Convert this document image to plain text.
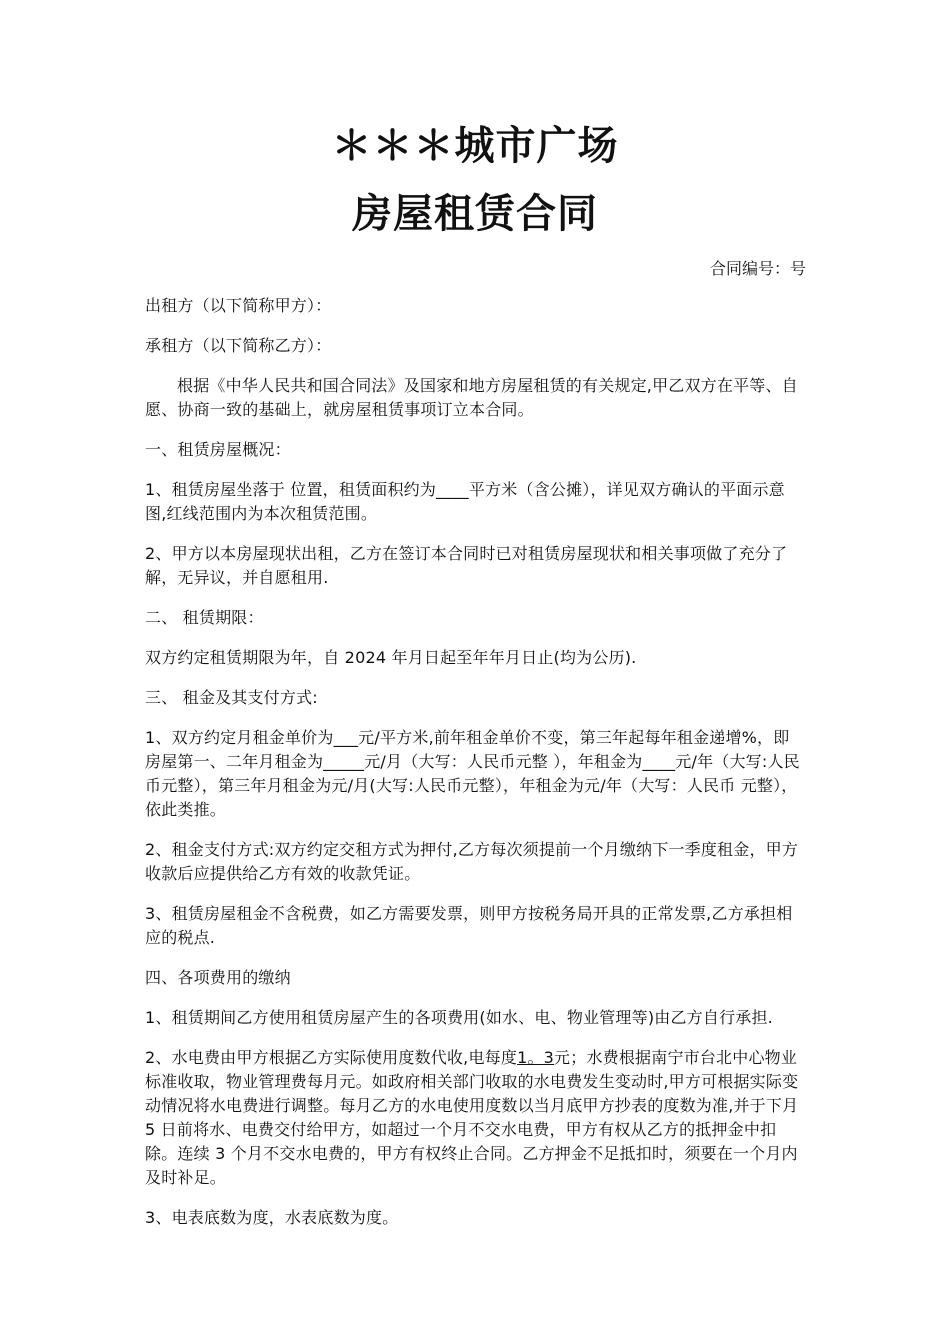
＊＊＊城市广场
房屋租赁合同
合同编号：号

出租方（以下简称甲方）：

承租方（以下简称乙方）：

根据《中华人民共和国合同法》及国家和地方房屋租赁的有关规定,甲乙双方在平等、自愿、协商一致的基础上，就房屋租赁事项订立本合同。

一、租赁房屋概况：

1、租赁房屋坐落于 位置，租赁面积约为____平方米（含公摊），详见双方确认的平面示意图,红线范围内为本次租赁范围。

2、甲方以本房屋现状出租，乙方在签订本合同时已对租赁房屋现状和相关事项做了充分了解，无异议，并自愿租用.

二、 租赁期限：

双方约定租赁期限为年，自 2024 年月日起至年年月日止(均为公历).

三、 租金及其支付方式:

1、双方约定月租金单价为___元/平方米,前年租金单价不变，第三年起每年租金递增%，即房屋第一、二年月租金为_____元/月（大写：人民币元整 ），年租金为____元/年（大写:人民币元整），第三年月租金为元/月(大写:人民币元整），年租金为元/年（大写：人民币 元整），依此类推。

2、租金支付方式:双方约定交租方式为押付,乙方每次须提前一个月缴纳下一季度租金，甲方收款后应提供给乙方有效的收款凭证。

3、租赁房屋租金不含税费，如乙方需要发票，则甲方按税务局开具的正常发票,乙方承担相应的税点.

四、各项费用的缴纳

1、租赁期间乙方使用租赁房屋产生的各项费用(如水、电、物业管理等)由乙方自行承担.

2、水电费由甲方根据乙方实际使用度数代收,电每度1。3元；水费根据南宁市台北中心物业标准收取，物业管理费每月元。如政府相关部门收取的水电费发生变动时,甲方可根据实际变动情况将水电费进行调整。每月乙方的水电使用度数以当月底甲方抄表的度数为准,并于下月 5 日前将水、电费交付给甲方，如超过一个月不交水电费，甲方有权从乙方的抵押金中扣除。连续 3 个月不交水电费的，甲方有权终止合同。乙方押金不足抵扣时，须要在一个月内及时补足。

3、电表底数为度，水表底数为度。
